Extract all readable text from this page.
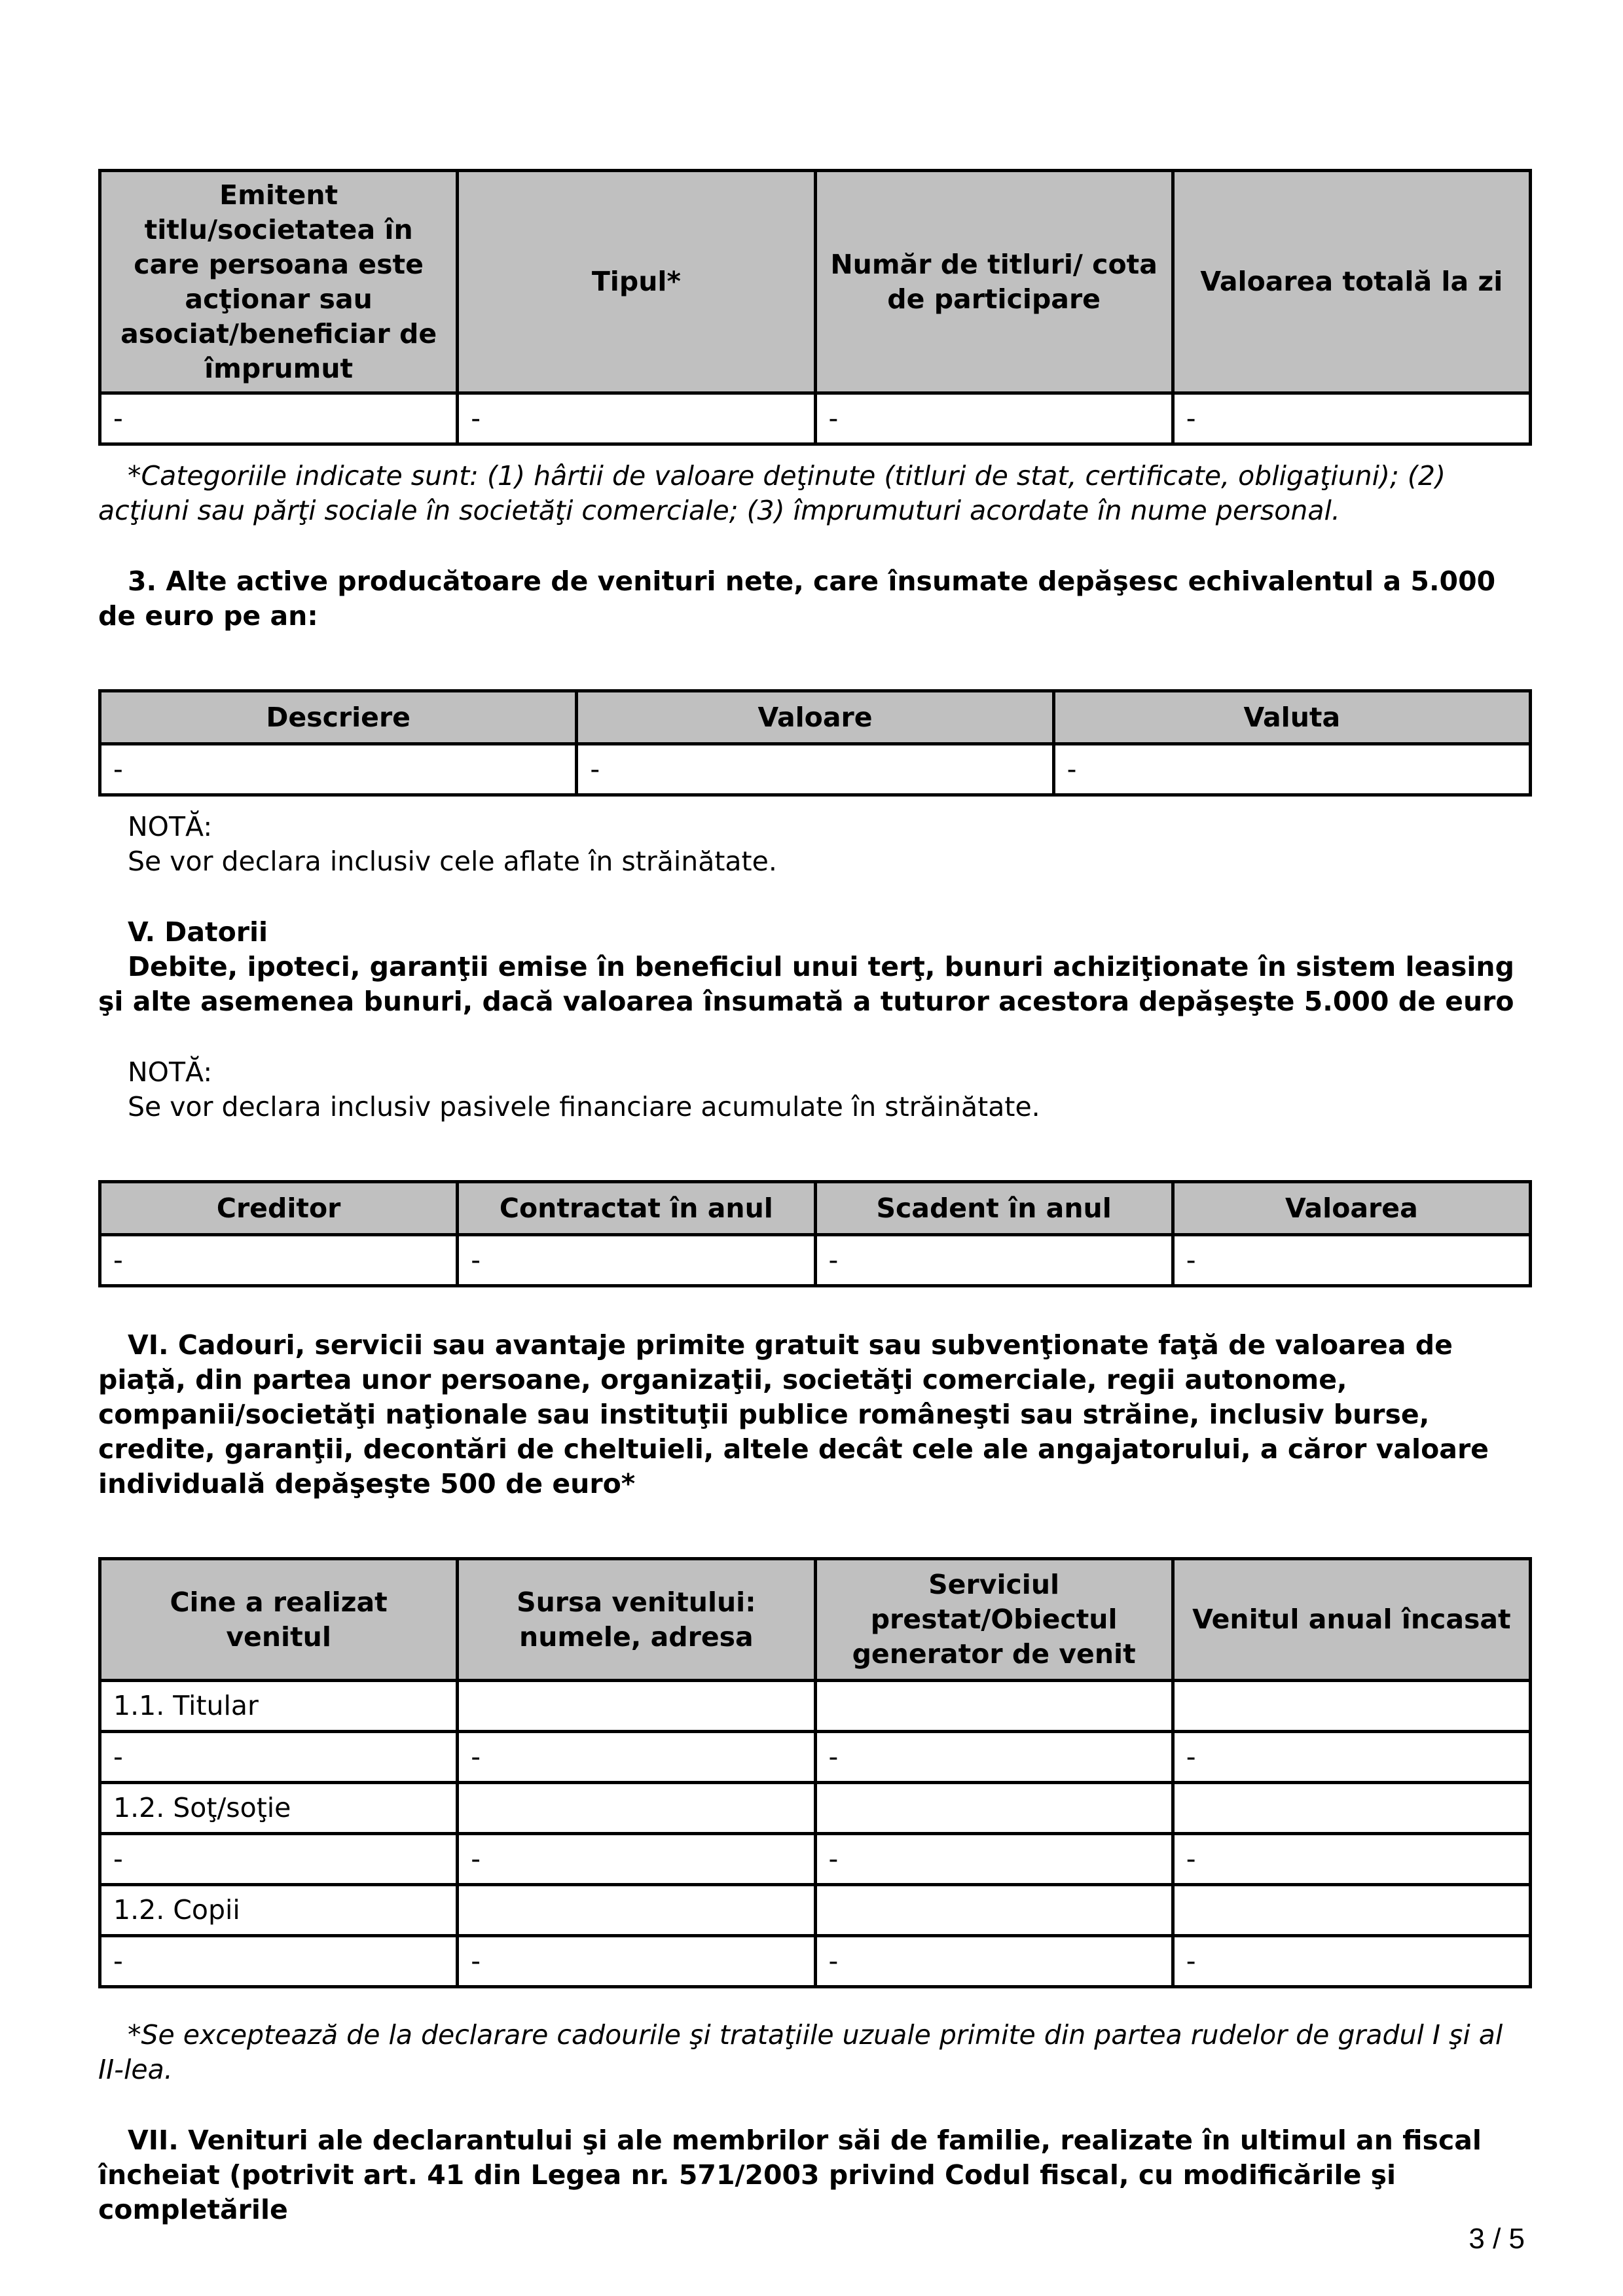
Emitent titlu/societatea în care persoana este acţionar sau asociat/beneficiar de împrumut	Tipul*	Număr de titluri/ cota de participare	Valoarea totală la zi
-	-	-	-

*Categoriile indicate sunt: (1) hârtii de valoare deţinute (titluri de stat, certificate, obligaţiuni); (2) acţiuni sau părţi sociale în societăţi comerciale; (3) împrumuturi acordate în nume personal.

3. Alte active producătoare de venituri nete, care însumate depăşesc echivalentul a 5.000 de euro pe an:

Descriere	Valoare	Valuta
-	-	-

NOTĂ:

Se vor declara inclusiv cele aflate în străinătate.

V. Datorii

Debite, ipoteci, garanţii emise în beneficiul unui terţ, bunuri achiziţionate în sistem leasing şi alte asemenea bunuri, dacă valoarea însumată a tuturor acestora depăşeşte 5.000 de euro

NOTĂ:

Se vor declara inclusiv pasivele financiare acumulate în străinătate.

Creditor	Contractat în anul	Scadent în anul	Valoarea
-	-	-	-

VI. Cadouri, servicii sau avantaje primite gratuit sau subvenţionate faţă de valoarea de piaţă, din partea unor persoane, organizaţii, societăţi comerciale, regii autonome, companii/societăţi naţionale sau instituţii publice româneşti sau străine, inclusiv burse, credite, garanţii, decontări de cheltuieli, altele decât cele ale angajatorului, a căror valoare individuală depăşeşte 500 de euro*

Cine a realizat venitul	Sursa venitului: numele, adresa	Serviciul prestat/Obiectul generator de venit	Venitul anual încasat
1.1. Titular			
-	-	-	-
1.2. Soţ/soţie			
-	-	-	-
1.2. Copii			
-	-	-	-

*Se exceptează de la declarare cadourile şi trataţiile uzuale primite din partea rudelor de gradul I şi al II-lea.

VII. Venituri ale declarantului şi ale membrilor săi de familie, realizate în ultimul an fiscal încheiat (potrivit art. 41 din Legea nr. 571/2003 privind Codul fiscal, cu modificările şi completările

3 / 5
